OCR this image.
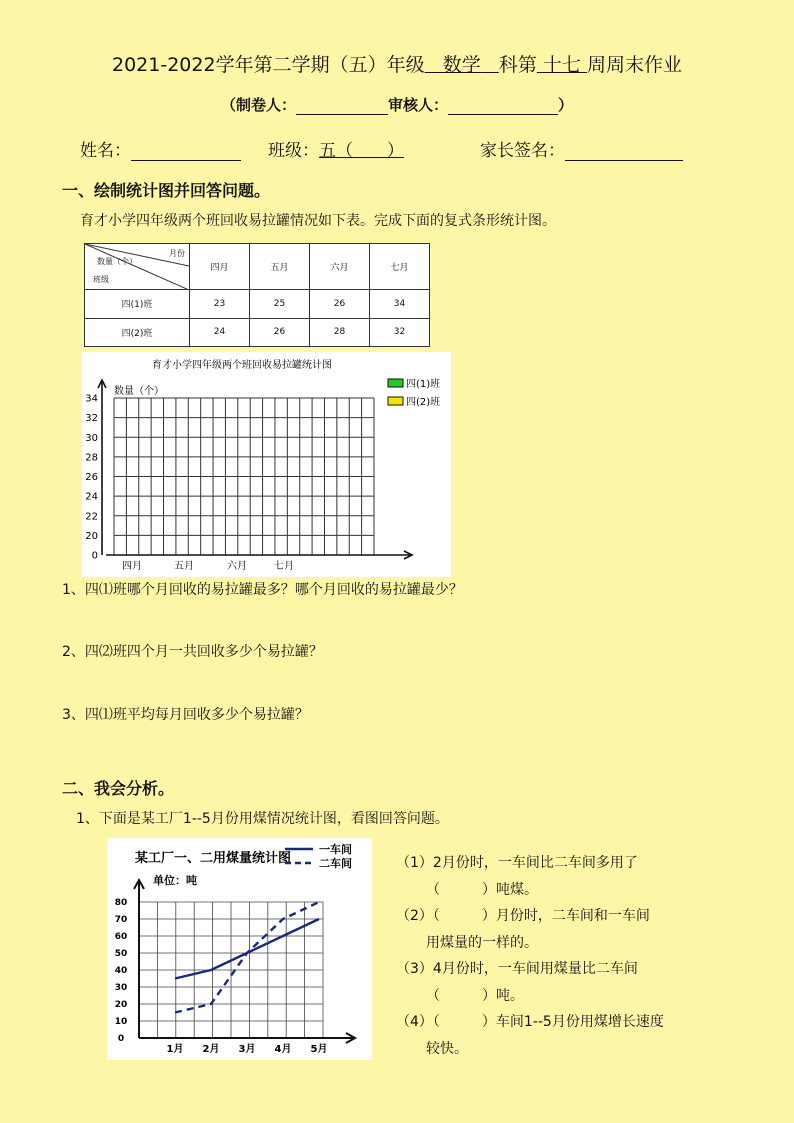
2021-2022学年第二学期（五）年级 数学 科第 十七 周周末作业
（制卷人：	审核人：	）
姓名：	班级：五（　　）	家长签名：
一、绘制统计图并回答问题。
育才小学四年级两个班回收易拉罐情况如下表。完成下面的复式条形统计图。
月份
数量（个）
班级	四月	五月	六月	七月
四(1)班	23	25	26	34
四(2)班	24	26	28	32
育才小学四年级两个班回收易拉罐统计图
数量（个）
0
20
22
24
26
28
30
32
34
四月	五月	六月	七月
四(1)班
四(2)班
1、四⑴班哪个月回收的易拉罐最多？哪个月回收的易拉罐最少？
2、四⑵班四个月一共回收多少个易拉罐？
3、四⑴班平均每月回收多少个易拉罐？
二、我会分析。
1、下面是某工厂1--5月份用煤情况统计图，看图回答问题。
某工厂一、二用煤量统计图
单位：吨
0
10
20
30
40
50
60
70
80
1月 2月 3月 4月 5月
一车间
二车间	（1）2月份时，一车间比二车间多用了
（　　　）吨煤。
（2）（　　　）月份时，二车间和一车间
用煤量的一样的。
（3）4月份时，一车间用煤量比二车间
（　　　）吨。
（4）（　　　）车间1--5月份用煤增长速度
较快。
